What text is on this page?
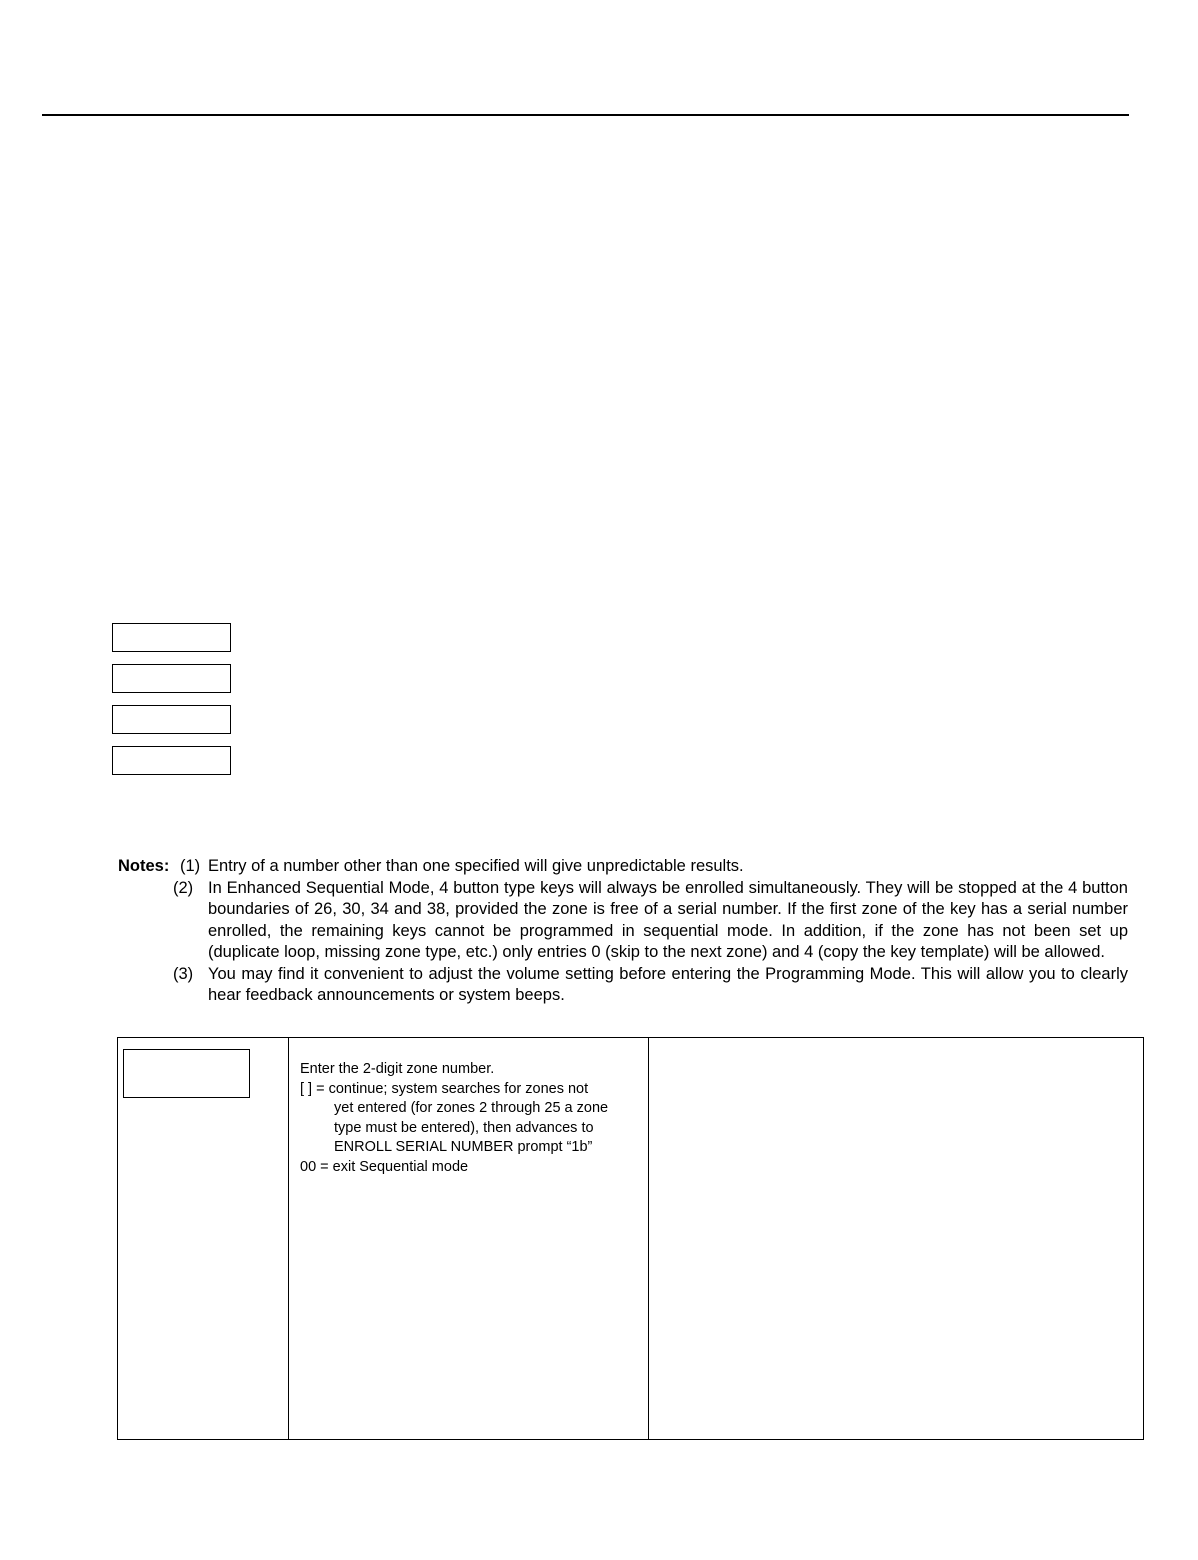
Notes: (1) Entry of a number other than one specified will give unpredictable results.
(2) In Enhanced Sequential Mode, 4 button type keys will always be enrolled simultaneously. They will be stopped at the 4 button boundaries of 26, 30, 34 and 38, provided the zone is free of a serial number. If the first zone of the key has a serial number enrolled, the remaining keys cannot be programmed in sequential mode. In addition, if the zone has not been set up (duplicate loop, missing zone type, etc.) only entries 0 (skip to the next zone) and 4 (copy the key template) will be allowed.
(3) You may find it convenient to adjust the volume setting before entering the Programming Mode. This will allow you to clearly hear feedback announcements or system beeps.
Enter the 2-digit zone number.
[ ] = continue; system searches for zones not
yet entered (for zones 2 through 25 a zone
type must be entered), then advances to
ENROLL SERIAL NUMBER prompt “1b”
00 = exit Sequential mode
